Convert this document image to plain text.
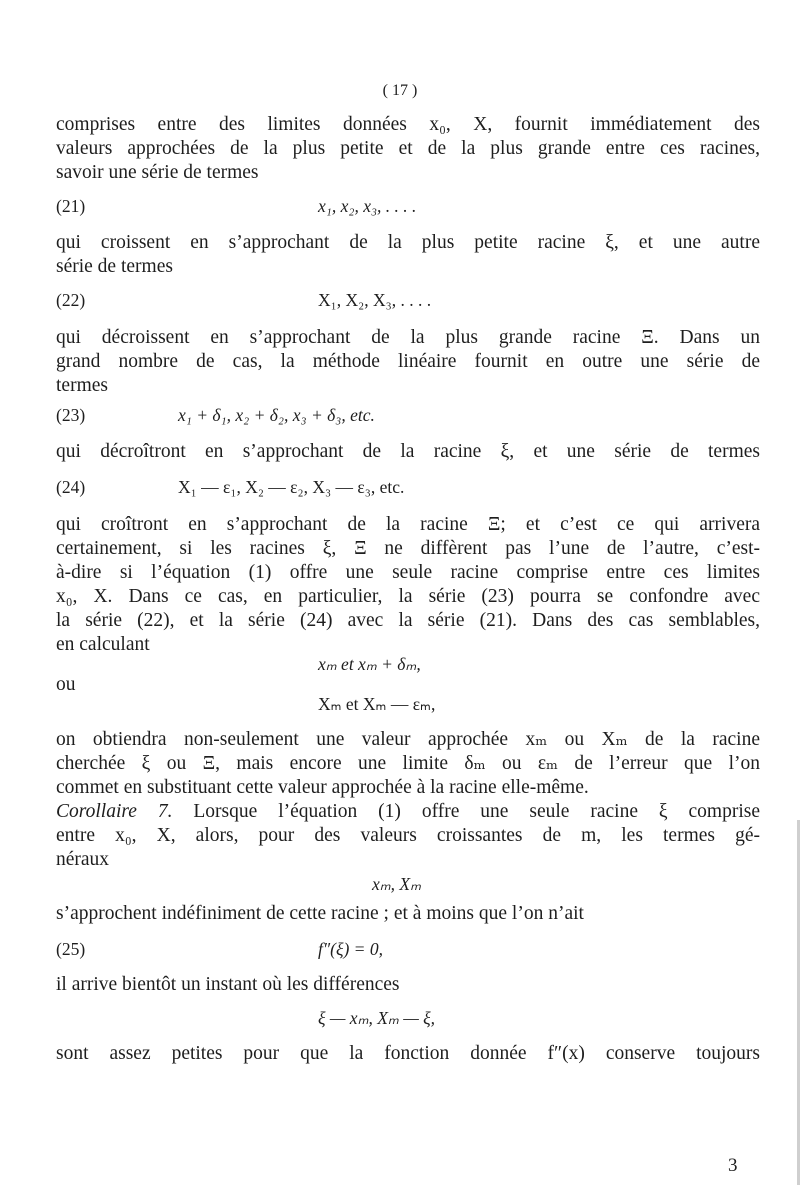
( 17 )
comprises entre des limites données x₀, X, fournit immédiatement des
valeurs approchées de la plus petite et de la plus grande entre ces racines,
savoir une série de termes
(21)	x₁, x₂, x₃, . . . .
qui croissent en s’approchant de la plus petite racine ξ, et une autre
série de termes
(22)	X₁, X₂, X₃, . . . .
qui décroissent en s’approchant de la plus grande racine Ξ. Dans un
grand nombre de cas, la méthode linéaire fournit en outre une série de
termes
(23)	x₁ + δ₁, x₂ + δ₂, x₃ + δ₃, etc.
qui décroîtront en s’approchant de la racine ξ, et une série de termes
(24)	X₁ — ε₁, X₂ — ε₂, X₃ — ε₃, etc.
qui croîtront en s’approchant de la racine Ξ; et c’est ce qui arrivera
certainement, si les racines ξ, Ξ ne diffèrent pas l’une de l’autre, c’est-
à-dire si l’équation (1) offre une seule racine comprise entre ces limites
x₀, X. Dans ce cas, en particulier, la série (23) pourra se confondre avec
la série (22), et la série (24) avec la série (21). Dans des cas semblables,
en calculant
xₘ et xₘ + δₘ,
ou
Xₘ et Xₘ — εₘ,
on obtiendra non-seulement une valeur approchée xₘ ou Xₘ de la racine
cherchée ξ ou Ξ, mais encore une limite δₘ ou εₘ de l’erreur que l’on
commet en substituant cette valeur approchée à la racine elle-même.
Corollaire 7. Lorsque l’équation (1) offre une seule racine ξ comprise
entre x₀, X, alors, pour des valeurs croissantes de m, les termes gé-
néraux
xₘ, Xₘ
s’approchent indéfiniment de cette racine ; et à moins que l’on n’ait
(25)	f″(ξ) = 0,
il arrive bientôt un instant où les différences
ξ — xₘ, Xₘ — ξ,
sont assez petites pour que la fonction donnée f″(x) conserve toujours
3
